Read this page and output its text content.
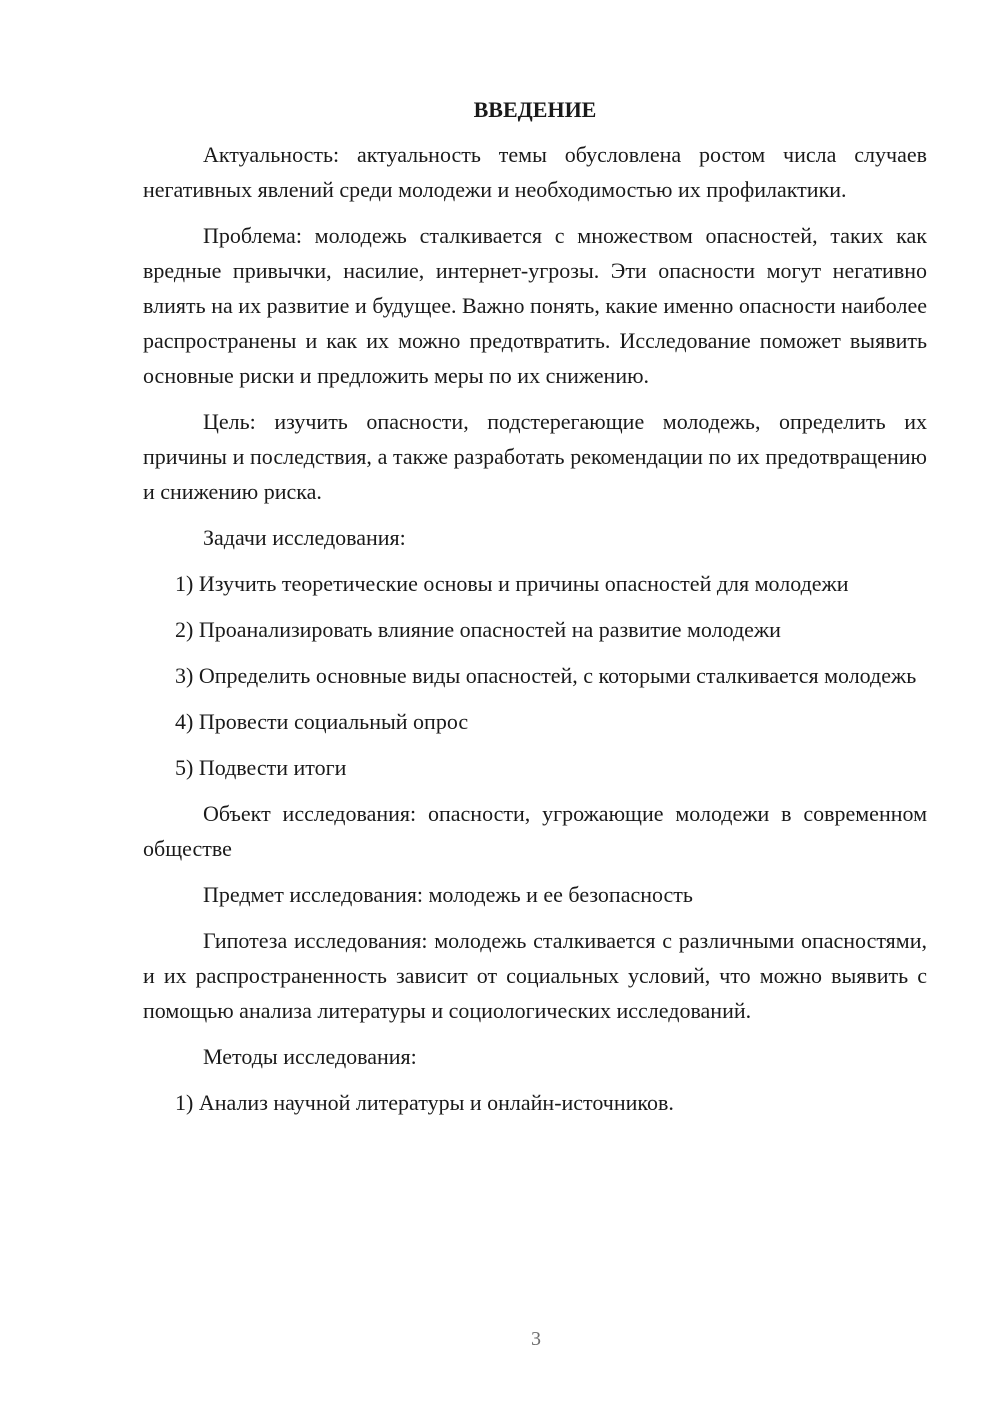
ВВЕДЕНИЕ

Актуальность: актуальность темы обусловлена ростом числа случаев негативных явлений среди молодежи и необходимостью их профилактики.

Проблема: молодежь сталкивается с множеством опасностей, таких как вредные привычки, насилие, интернет-угрозы. Эти опасности могут негативно влиять на их развитие и будущее. Важно понять, какие именно опасности наиболее распространены и как их можно предотвратить. Исследование поможет выявить основные риски и предложить меры по их снижению.

Цель: изучить опасности, подстерегающие молодежь, определить их причины и последствия, а также разработать рекомендации по их предотвращению и снижению риска.

Задачи исследования:

1) Изучить теоретические основы и причины опасностей для молодежи

2) Проанализировать влияние опасностей на развитие молодежи

3) Определить основные виды опасностей, с которыми сталкивается молодежь

4) Провести социальный опрос

5) Подвести итоги

Объект исследования: опасности, угрожающие молодежи в современном обществе

Предмет исследования: молодежь и ее безопасность

Гипотеза исследования: молодежь сталкивается с различными опасностями, и их распространенность зависит от социальных условий, что можно выявить с помощью анализа литературы и социологических исследований.

Методы исследования:

1) Анализ научной литературы и онлайн-источников.

3
